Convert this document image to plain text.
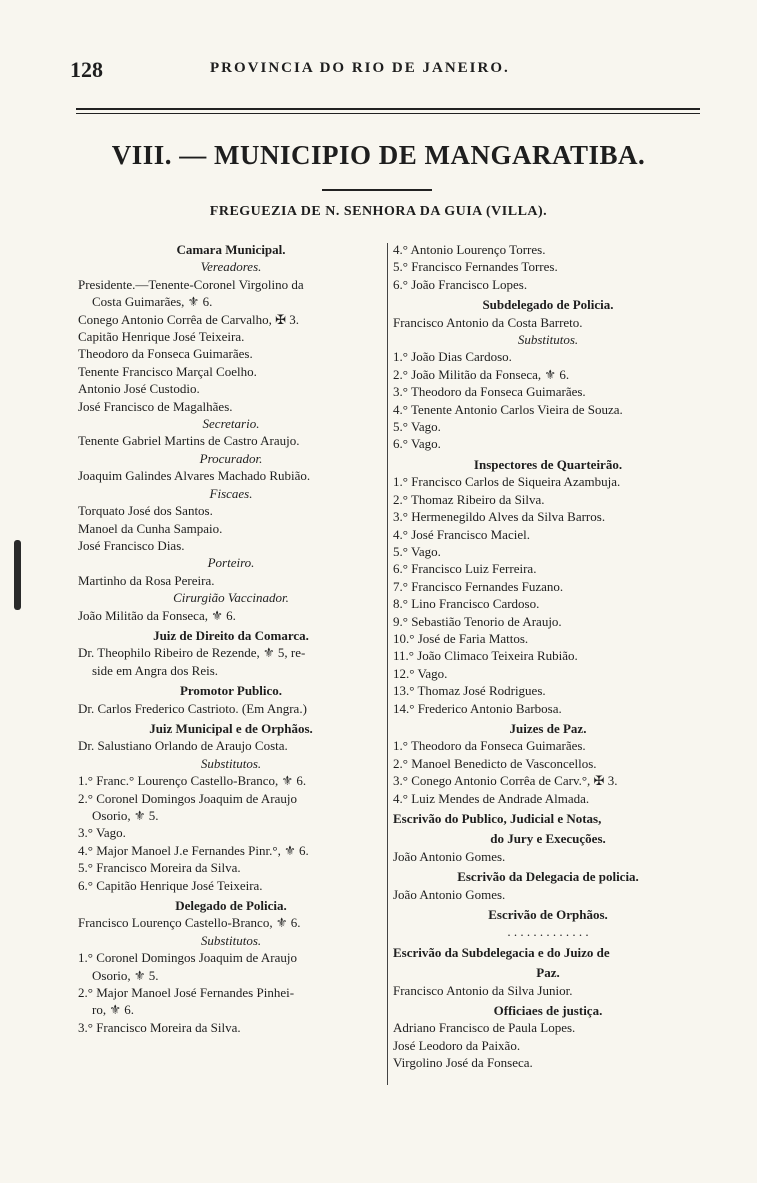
128	PROVINCIA DO RIO DE JANEIRO.
VIII. — MUNICIPIO DE MANGARATIBA.
FREGUEZIA DE N. SENHORA DA GUIA (VILLA).
Camara Municipal.
Vereadores.
Presidente.—Tenente-Coronel Virgolino da
Costa Guimarães, ⚜ 6.
Conego Antonio Corrêa de Carvalho, ✠ 3.
Capitão Henrique José Teixeira.
Theodoro da Fonseca Guimarães.
Tenente Francisco Marçal Coelho.
Antonio José Custodio.
José Francisco de Magalhães.
Secretario.
Tenente Gabriel Martins de Castro Araujo.
Procurador.
Joaquim Galindes Alvares Machado Rubião.
Fiscaes.
Torquato José dos Santos.
Manoel da Cunha Sampaio.
José Francisco Dias.
Porteiro.
Martinho da Rosa Pereira.
Cirurgião Vaccinador.
João Militão da Fonseca, ⚜ 6.
Juiz de Direito da Comarca.
Dr. Theophilo Ribeiro de Rezende, ⚜ 5, re-
side em Angra dos Reis.
Promotor Publico.
Dr. Carlos Frederico Castrioto. (Em Angra.)
Juiz Municipal e de Orphãos.
Dr. Salustiano Orlando de Araujo Costa.
Substitutos.
1.° Franc.° Lourenço Castello-Branco, ⚜ 6.
2.° Coronel Domingos Joaquim de Araujo
Osorio, ⚜ 5.
3.° Vago.
4.° Major Manoel J.e Fernandes Pinr.°, ⚜ 6.
5.° Francisco Moreira da Silva.
6.° Capitão Henrique José Teixeira.
Delegado de Policia.
Francisco Lourenço Castello-Branco, ⚜ 6.
Substitutos.
1.° Coronel Domingos Joaquim de Araujo
Osorio, ⚜ 5.
2.° Major Manoel José Fernandes Pinhei-
ro, ⚜ 6.
3.° Francisco Moreira da Silva.
4.° Antonio Lourenço Torres.
5.° Francisco Fernandes Torres.
6.° João Francisco Lopes.
Subdelegado de Policia.
Francisco Antonio da Costa Barreto.
Substitutos.
1.° João Dias Cardoso.
2.° João Militão da Fonseca, ⚜ 6.
3.° Theodoro da Fonseca Guimarães.
4.° Tenente Antonio Carlos Vieira de Souza.
5.° Vago.
6.° Vago.
Inspectores de Quarteirão.
1.° Francisco Carlos de Siqueira Azambuja.
2.° Thomaz Ribeiro da Silva.
3.° Hermenegildo Alves da Silva Barros.
4.° José Francisco Maciel.
5.° Vago.
6.° Francisco Luiz Ferreira.
7.° Francisco Fernandes Fuzano.
8.° Lino Francisco Cardoso.
9.° Sebastião Tenorio de Araujo.
10.° José de Faria Mattos.
11.° João Climaco Teixeira Rubião.
12.° Vago.
13.° Thomaz José Rodrigues.
14.° Frederico Antonio Barbosa.
Juizes de Paz.
1.° Theodoro da Fonseca Guimarães.
2.° Manoel Benedicto de Vasconcellos.
3.° Conego Antonio Corrêa de Carv.°, ✠ 3.
4.° Luiz Mendes de Andrade Almada.
Escrivão do Publico, Judicial e Notas,
do Jury e Execuções.
João Antonio Gomes.
Escrivão da Delegacia de policia.
João Antonio Gomes.
Escrivão de Orphãos.
. . . . . . . . . . . . .
Escrivão da Subdelegacia e do Juizo de
Paz.
Francisco Antonio da Silva Junior.
Officiaes de justiça.
Adriano Francisco de Paula Lopes.
José Leodoro da Paixão.
Virgolino José da Fonseca.
